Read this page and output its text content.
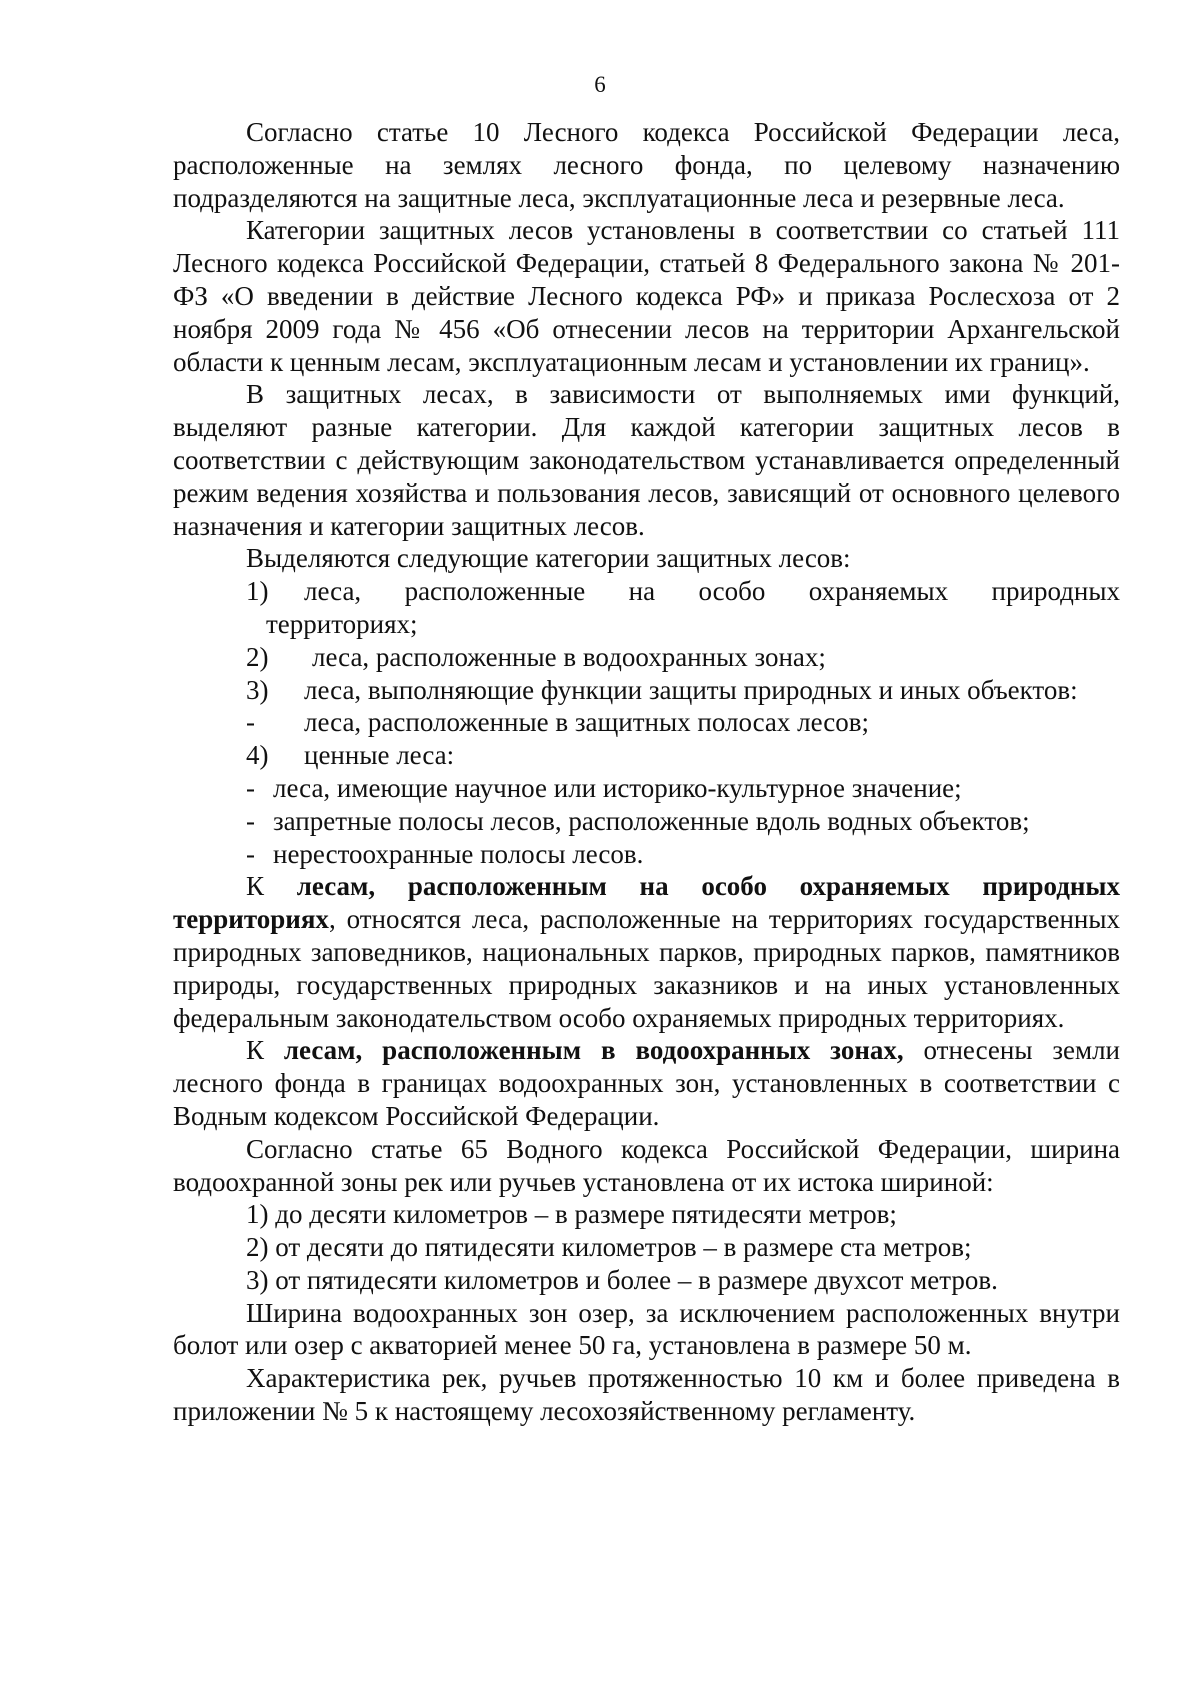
6

Согласно статье 10 Лесного кодекса Российской Федерации леса, расположенные на землях лесного фонда, по целевому назначению подразделяются на защитные леса, эксплуатационные леса и резервные леса.

Категории защитных лесов установлены в соответствии со статьей 111 Лесного кодекса Российской Федерации, статьей 8 Федерального закона № 201-ФЗ «О введении в действие Лесного кодекса РФ» и приказа Рослесхоза от 2 ноября 2009 года № 456 «Об отнесении лесов на территории Архангельской области к ценным лесам, эксплуатационным лесам и установлении их границ».

В защитных лесах, в зависимости от выполняемых ими функций, выделяют разные категории. Для каждой категории защитных лесов в соответствии с действующим законодательством устанавливается определенный режим ведения хозяйства и пользования лесов, зависящий от основного целевого назначения и категории защитных лесов.

Выделяются следующие категории защитных лесов:

1)	леса, расположенные на особо охраняемых природных
территориях;
2)	леса, расположенные в водоохранных зонах;
3)	леса, выполняющие функции защиты природных и иных объектов:
-	леса, расположенные в защитных полосах лесов;
4)	ценные леса:
- леса, имеющие научное или историко-культурное значение;
- запретные полосы лесов, расположенные вдоль водных объектов;
- нерестоохранные полосы лесов.

К лесам, расположенным на особо охраняемых природных территориях, относятся леса, расположенные на территориях государственных природных заповедников, национальных парков, природных парков, памятников природы, государственных природных заказников и на иных установленных федеральным законодательством особо охраняемых природных территориях.

К лесам, расположенным в водоохранных зонах, отнесены земли лесного фонда в границах водоохранных зон, установленных в соответствии с Водным кодексом Российской Федерации.

Согласно статье 65 Водного кодекса Российской Федерации, ширина водоохранной зоны рек или ручьев установлена от их истока шириной:

1) до десяти километров – в размере пятидесяти метров;

2) от десяти до пятидесяти километров – в размере ста метров;

3) от пятидесяти километров и более – в размере двухсот метров.

Ширина водоохранных зон озер, за исключением расположенных внутри болот или озер с акваторией менее 50 га, установлена в размере 50 м.

Характеристика рек, ручьев протяженностью 10 км и более приведена в приложении № 5 к настоящему лесохозяйственному регламенту.
